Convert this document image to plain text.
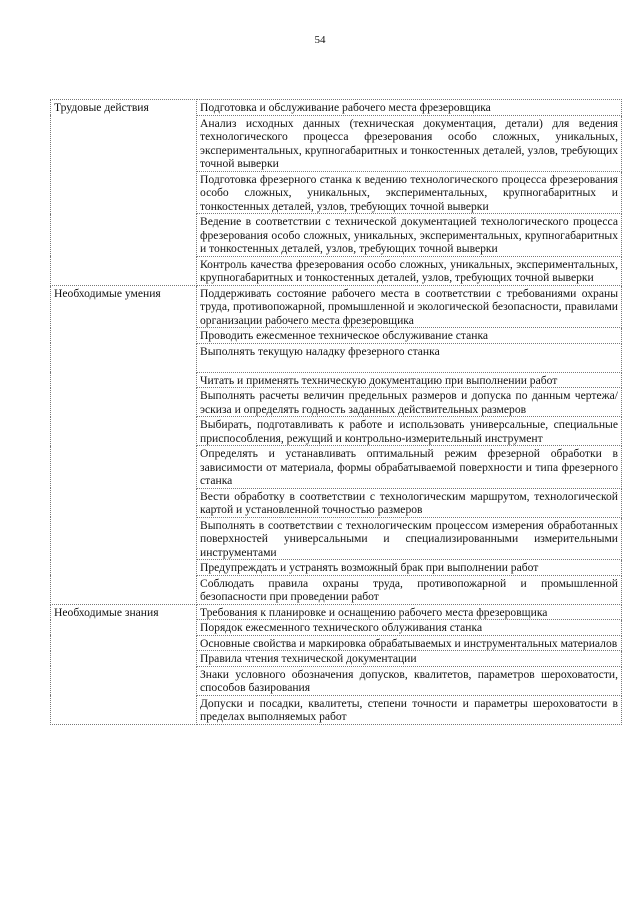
54
Трудовые действия	Подготовка и обслуживание рабочего места фрезеровщика
	Анализ исходных данных (техническая документация, детали) для ведения технологического процесса фрезерования особо сложных, уникальных, экспериментальных, крупногабаритных и тонкостенных деталей, узлов, требующих точной выверки
	Подготовка фрезерного станка к ведению технологического процесса фрезерования особо сложных, уникальных, экспериментальных, крупногабаритных и тонкостенных деталей, узлов, требующих точной выверки
	Ведение в соответствии с технической документацией технологического процесса фрезерования особо сложных, уникальных, экспериментальных, крупногабаритных и тонкостенных деталей, узлов, требующих точной выверки
	Контроль качества фрезерования особо сложных, уникальных, экспериментальных, крупногабаритных и тонкостенных деталей, узлов, требующих точной выверки
Необходимые умения	Поддерживать состояние рабочего места в соответствии с требованиями охраны труда, противопожарной, промышленной и экологической безопасности, правилами организации рабочего места фрезеровщика
	Проводить ежесменное техническое обслуживание станка
	Выполнять текущую наладку фрезерного станка
	Читать и применять техническую документацию при выполнении работ
	Выполнять расчеты величин предельных размеров и допуска по данным чертежа/эскиза и определять годность заданных действительных размеров
	Выбирать, подготавливать к работе и использовать универсальные, специальные приспособления, режущий и контрольно-измерительный инструмент
	Определять и устанавливать оптимальный режим фрезерной обработки в зависимости от материала, формы обрабатываемой поверхности и типа фрезерного станка
	Вести обработку в соответствии с технологическим маршрутом, технологической картой и установленной точностью размеров
	Выполнять в соответствии с технологическим процессом измерения обработанных поверхностей универсальными и специализированными измерительными инструментами
	Предупреждать и устранять возможный брак при выполнении работ
	Соблюдать правила охраны труда, противопожарной и промышленной безопасности при проведении работ
Необходимые знания	Требования к планировке и оснащению рабочего места фрезеровщика
	Порядок ежесменного технического облуживания станка
	Основные свойства и маркировка обрабатываемых и инструментальных материалов
	Правила чтения технической документации
	Знаки условного обозначения допусков, квалитетов, параметров шероховатости, способов базирования
	Допуски и посадки, квалитеты, степени точности и параметры шероховатости в пределах выполняемых работ
